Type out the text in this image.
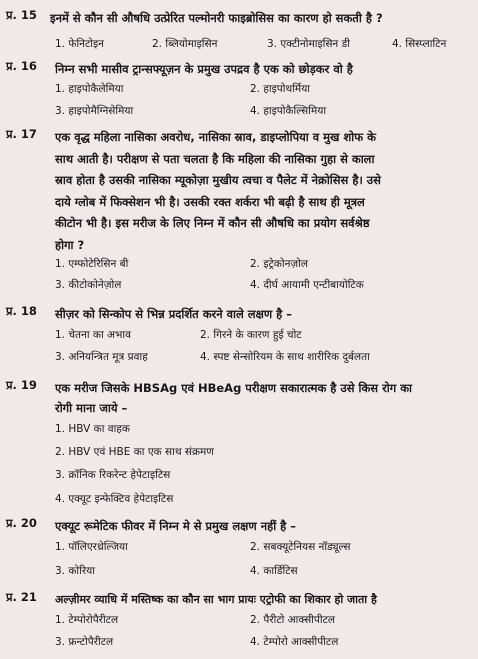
प्र. 15 इनमें से कौन सी औषधि उत्प्रेरित पल्मोनरी फाइब्रोसिस का कारण हो सकती है ?
1. फेनिटोइन	2. ब्लियोमाइसिन	3. एक्टीनोमाइसिन डी	4. सिस्प्लाटिन
प्र. 16 निम्न सभी मासीव ट्रान्सफ्यूज़न के प्रमुख उपद्रव है एक को छोड़कर वो है
1. हाइपोकैलेमिया	2. हाइपोथर्मिया
3. हाइपोमैग्निसेमिया	4. हाइपोकैल्सिमिया
प्र. 17 एक वृद्ध महिला नासिका अवरोध, नासिका स्राव, डाइप्लोपिया व मुख शोफ के
साथ आती है। परीक्षण से पता चलता है कि महिला की नासिका गुहा से काला
स्राव होता है उसकी नासिका म्यूकोज़ा मुखीय त्वचा व पैलेट में नेक्रोसिस है। उसे
दाये ग्लोब में फिक्सेशन भी है। उसकी रक्त शर्करा भी बढ़ी है साथ ही मूत्रल
कीटोन भी है। इस मरीज के लिए निम्न में कौन सी औषधि का प्रयोग सर्वश्रेष्ठ
होगा ?
1. एम्फोटेरिसिन बी	2. इट्रेकोनज़ोल
3. कीटोकोनेज़ोल	4. दीर्घ आयामी एन्टीबायोटिक
प्र. 18 सीज़र को सिन्कोप से भिन्न प्रदर्शित करने वाले लक्षण है –
1. चेतना का अभाव	2. गिरने के कारण हुई चोट
3. अनियन्त्रित मूत्र प्रवाह	4. स्पष्ट सेन्सोरियम के साथ शारीरिक दुर्बलता
प्र. 19 एक मरीज जिसके HBSAg एवं HBeAg परीक्षण सकारात्मक है उसे किस रोग का
रोगी माना जाये –
1. HBV का वाहक
2. HBV एवं HBE का एक साथ संक्रमण
3. क्रॉनिक रिकरेन्ट हेपेटाइटिस
4. एक्यूट इन्फेक्टिव हेपेटाइटिस
प्र. 20 एक्यूट रूमेटिक फीवर में निम्न मे से प्रमुख लक्षण नहीं है –
1. पॉलिएरथ्रेल्जिया	2. सबक्यूटेनियस नॉड्यूल्स
3. कोरिया	4. कार्डिटिस
प्र. 21 अल्ज़ीमर व्याधि में मस्तिष्क का कौन सा भाग प्रायः एट्रोफी का शिकार हो जाता है
1. टेम्पोरोपैरीटल	2. पैरीटो आक्सीपीटल
3. फ्रन्टोपैरीटल	4. टेम्पोरो आक्सीपीटल
